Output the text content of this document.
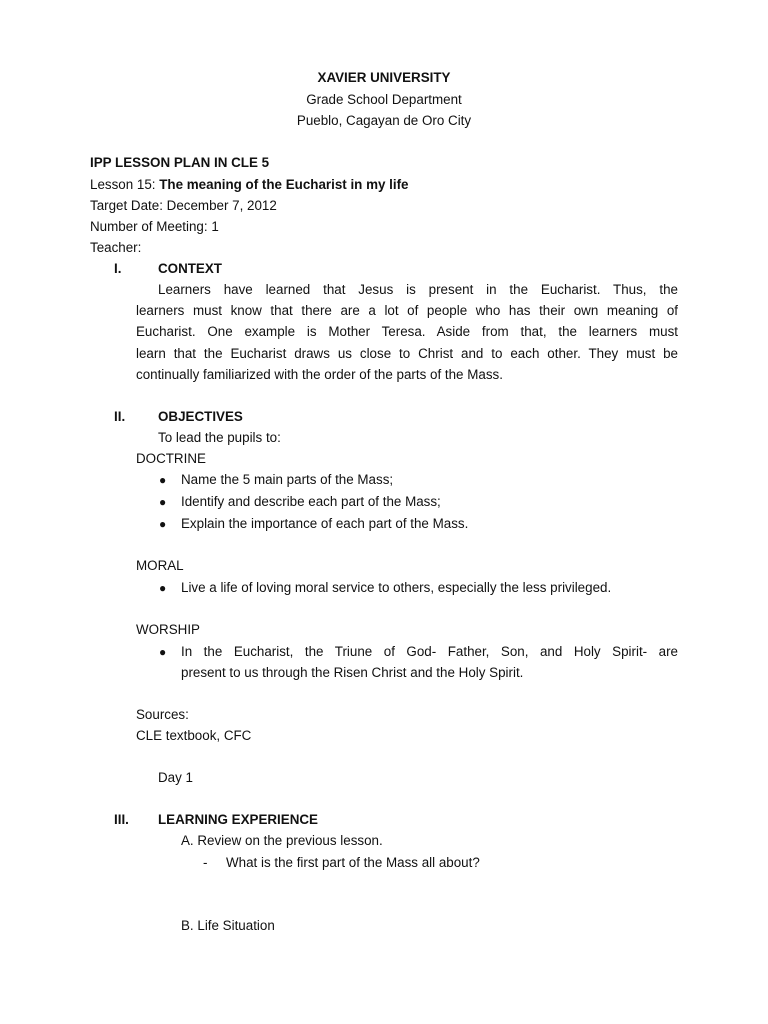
XAVIER UNIVERSITY
Grade School Department
Pueblo, Cagayan de Oro City
IPP LESSON PLAN IN CLE 5
Lesson 15: The meaning of the Eucharist in my life
Target Date: December 7, 2012
Number of Meeting: 1
Teacher:
I.	CONTEXT
Learners have learned that Jesus is present in the Eucharist. Thus, the
learners must know that there are a lot of people who has their own meaning of
Eucharist. One example is Mother Teresa. Aside from that, the learners must
learn that the Eucharist draws us close to Christ and to each other. They must be
continually familiarized with the order of the parts of the Mass.
II. OBJECTIVES
To lead the pupils to:
DOCTRINE
● Name the 5 main parts of the Mass;
● Identify and describe each part of the Mass;
● Explain the importance of each part of the Mass.
MORAL
● Live a life of loving moral service to others, especially the less privileged.
WORSHIP
● In the Eucharist, the Triune of God- Father, Son, and Holy Spirit- are
present to us through the Risen Christ and the Holy Spirit.
Sources:
CLE textbook, CFC
Day 1
III. LEARNING EXPERIENCE
A. Review on the previous lesson.
- What is the first part of the Mass all about?
B. Life Situation
